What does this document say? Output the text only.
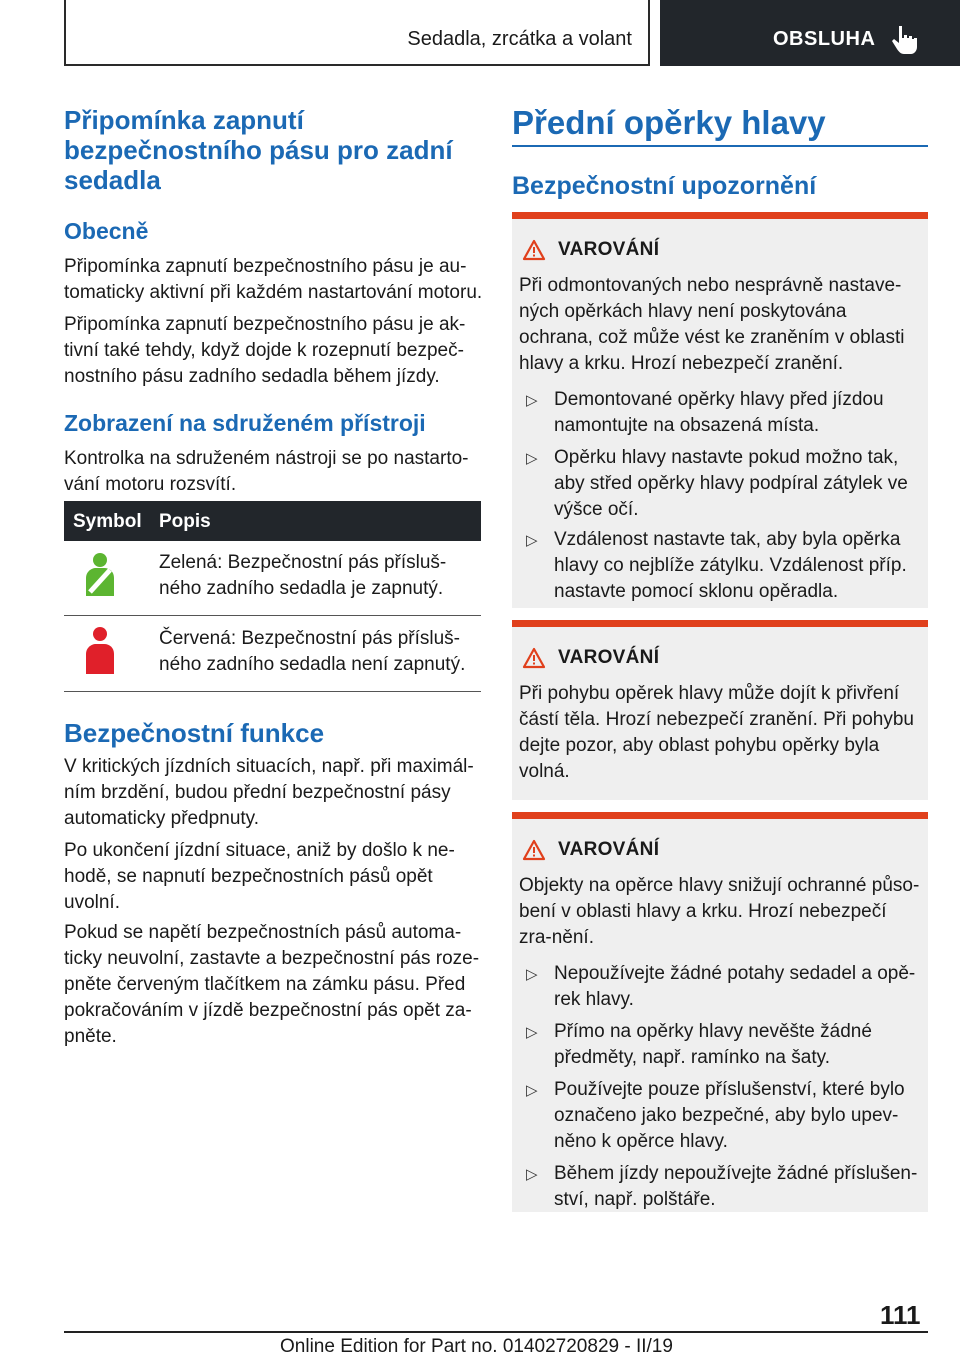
Sedadla, zrcátka a volant	OBSLUHA
Připomínka zapnutí bezpečnostního pásu pro zadní sedadla
Obecně
Připomínka zapnutí bezpečnostního pásu je au-tomaticky aktivní při každém nastartování motoru.
Připomínka zapnutí bezpečnostního pásu je ak-tivní také tehdy, když dojde k rozepnutí bezpeč-nostního pásu zadního sedadla během jízdy.
Zobrazení na sdruženém přístroji
Kontrolka na sdruženém nástroji se po nastarto-vání motoru rozsvítí.
Symbol Popis
Zelená: Bezpečnostní pás přísluš-ného zadního sedadla je zapnutý.
Červená: Bezpečnostní pás přísluš-ného zadního sedadla není zapnutý.
Bezpečnostní funkce
V kritických jízdních situacích, např. při maximál-ním brzdění, budou přední bezpečnostní pásy automaticky předpnuty.
Po ukončení jízdní situace, aniž by došlo k ne-hodě, se napnutí bezpečnostních pásů opět uvolní.
Pokud se napětí bezpečnostních pásů automa-ticky neuvolní, zastavte a bezpečnostní pás roze-pněte červeným tlačítkem na zámku pásu. Před pokračováním v jízdě bezpečnostní pás opět za-pněte.
Přední opěrky hlavy
Bezpečnostní upozornění
VAROVÁNÍ
Při odmontovaných nebo nesprávně nastave-ných opěrkách hlavy není poskytována ochrana, což může vést ke zraněním v oblasti hlavy a krku. Hrozí nebezpečí zranění.
▷ Demontované opěrky hlavy před jízdou namontujte na obsazená místa.
▷ Opěrku hlavy nastavte pokud možno tak, aby střed opěrky hlavy podpíral zátylek ve výšce očí.
▷ Vzdálenost nastavte tak, aby byla opěrka hlavy co nejblíže zátylku. Vzdálenost příp. nastavte pomocí sklonu opěradla.
VAROVÁNÍ
Při pohybu opěrek hlavy může dojít k přivření částí těla. Hrozí nebezpečí zranění. Při pohybu dejte pozor, aby oblast pohybu opěrky byla volná.
VAROVÁNÍ
Objekty na opěrce hlavy snižují ochranné půso-bení v oblasti hlavy a krku. Hrozí nebezpečí zra-nění.
▷ Nepoužívejte žádné potahy sedadel a opě-rek hlavy.
▷ Přímo na opěrky hlavy nevěšte žádné předměty, např. ramínko na šaty.
▷ Používejte pouze příslušenství, které bylo označeno jako bezpečné, aby bylo upev-něno k opěrce hlavy.
▷ Během jízdy nepoužívejte žádné příslušen-ství, např. polštáře.
111
Online Edition for Part no. 01402720829 - II/19
